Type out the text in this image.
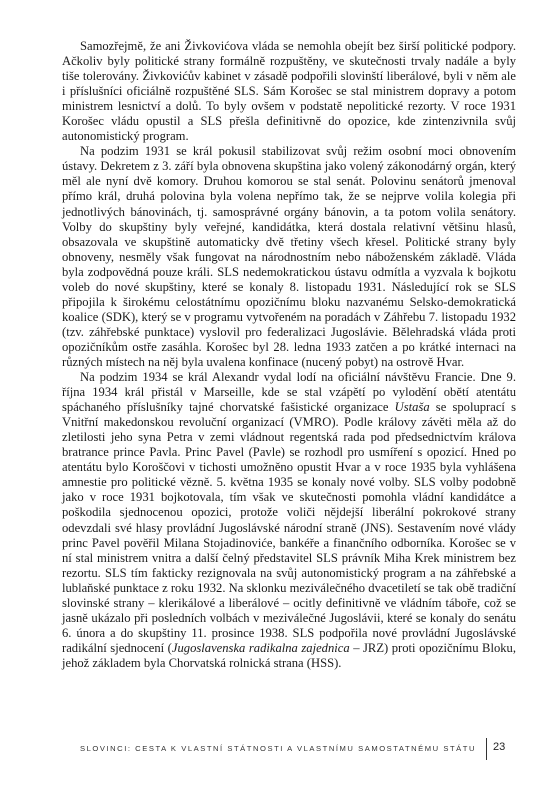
Samozřejmě, že ani Živkovićova vláda se nemohla obejít bez širší politické podpory. Ačkoliv byly politické strany formálně rozpuštěny, ve skutečnosti trvaly nadále a byly tiše tolerovány. Živkovićův kabinet v zásadě podpořili slovinští liberálové, byli v něm ale i příslušníci oficiálně rozpuštěné SLS. Sám Korošec se stal ministrem dopravy a potom ministrem lesnictví a dolů. To byly ovšem v podstatě nepolitické rezorty. V roce 1931 Korošec vládu opustil a SLS přešla definitivně do opozice, kde zintenzivnila svůj autonomistický program.

Na podzim 1931 se král pokusil stabilizovat svůj režim osobní moci obnovením ústavy. Dekretem z 3. září byla obnovena skupština jako volený zákonodárný orgán, který měl ale nyní dvě komory. Druhou komorou se stal senát. Polovinu senátorů jmenoval přímo král, druhá polovina byla volena nepřímo tak, že se nejprve volila kolegia při jednotlivých bánovinách, tj. samosprávné orgány bánovin, a ta potom volila senátory. Volby do skupštiny byly veřejné, kandidátka, která dostala relativní většinu hlasů, obsazovala ve skupštině automaticky dvě třetiny všech křesel. Politické strany byly obnoveny, nesměly však fungovat na národnostním nebo náboženském základě. Vláda byla zodpovědná pouze králi. SLS nedemokratickou ústavu odmítla a vyzvala k bojkotu voleb do nové skupštiny, které se konaly 8. listopadu 1931. Následující rok se SLS připojila k širokému celostátnímu opozičnímu bloku nazvanému Selsko-demokratická koalice (SDK), který se v programu vytvořeném na poradách v Záhřebu 7. listopadu 1932 (tzv. záhřebské punktace) vyslovil pro federalizaci Jugoslávie. Bělehradská vláda proti opozičníkům ostře zasáhla. Korošec byl 28. ledna 1933 zatčen a po krátké internaci na různých místech na něj byla uvalena konfinace (nucený pobyt) na ostrově Hvar.

Na podzim 1934 se král Alexandr vydal lodí na oficiální návštěvu Francie. Dne 9. října 1934 král přistál v Marseille, kde se stal vzápětí po vylodění obětí atentátu spáchaného příslušníky tajné chorvatské fašistické organizace Ustaša se spoluprací s Vnitřní makedonskou revoluční organizací (VMRO). Podle královy závěti měla až do zletilosti jeho syna Petra v zemi vládnout regentská rada pod předsednictvím králova bratrance prince Pavla. Princ Pavel (Pavle) se rozhodl pro usmíření s opozicí. Hned po atentátu bylo Koroščovi v tichosti umožněno opustit Hvar a v roce 1935 byla vyhlášena amnestie pro politické vězně. 5. května 1935 se konaly nové volby. SLS volby podobně jako v roce 1931 bojkotovala, tím však ve skutečnosti pomohla vládní kandidátce a poškodila sjednocenou opozici, protože voliči nějdejší liberální pokrokové strany odevzdali své hlasy provládní Jugoslávské národní straně (JNS). Sestavením nové vlády princ Pavel pověřil Milana Stojadinoviće, bankéře a finančního odborníka. Korošec se v ní stal ministrem vnitra a další čelný představitel SLS právník Miha Krek ministrem bez rezortu. SLS tím fakticky rezignovala na svůj autonomistický program a na záhřebské a lublaňské punktace z roku 1932. Na sklonku meziválečného dvacetiletí se tak obě tradiční slovinské strany – klerikálové a liberálové – ocitly definitivně ve vládním táboře, což se jasně ukázalo při posledních volbách v meziválečné Jugoslávii, které se konaly do senátu 6. února a do skupštiny 11. prosince 1938. SLS podpořila nové provládní Jugoslávské radikální sjednocení (Jugoslavenska radikalna zajednica – JRZ) proti opozičnímu Bloku, jehož základem byla Chorvatská rolnická strana (HSS).

SLOVINCI: CESTA K VLASTNÍ STÁTNOSTI A VLASTNÍMU SAMOSTATNÉMU STÁTU 23
